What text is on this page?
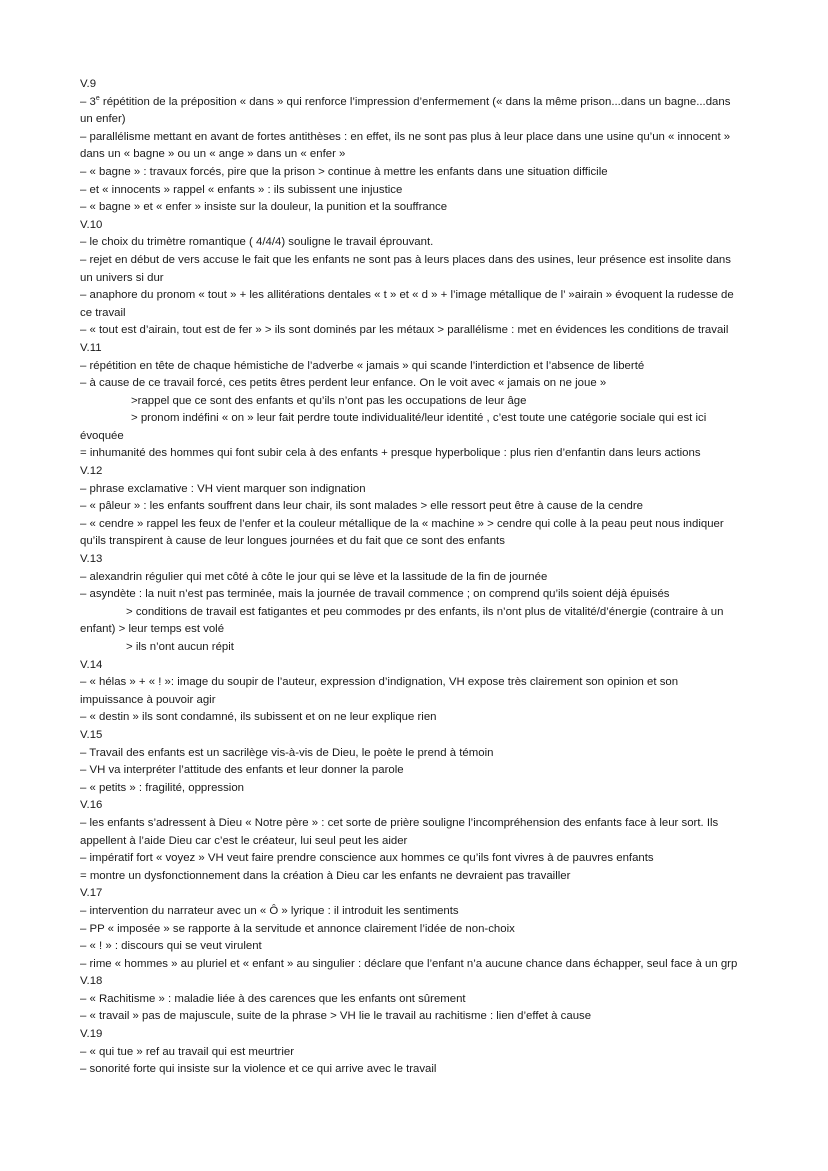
V.9
– 3e répétition de la préposition « dans » qui renforce l’impression d’enfermement (« dans la même prison...dans un bagne...dans un enfer)
– parallélisme mettant en avant de fortes antithèses : en effet, ils ne sont pas plus à leur place dans une usine qu’un « innocent » dans un « bagne » ou un « ange » dans un « enfer »
– « bagne » : travaux forcés, pire que la prison > continue à mettre les enfants dans une situation difficile
– et « innocents » rappel « enfants » : ils subissent une injustice
– « bagne » et « enfer » insiste sur la douleur, la punition et la souffrance
V.10
– le choix du trimètre romantique ( 4/4/4) souligne le travail éprouvant.
– rejet en début de vers accuse le fait que les enfants ne sont pas à leurs places dans des usines, leur présence est insolite dans un univers si dur
– anaphore du pronom « tout » + les allitérations dentales « t » et « d » + l’image métallique de l’ »airain » évoquent la rudesse de ce travail
– « tout est d’airain, tout est de fer » > ils sont dominés par les métaux > parallélisme : met en évidences les conditions de travail
V.11
– répétition en tête de chaque hémistiche de l’adverbe « jamais » qui scande l’interdiction et l’absence de liberté
– à cause de ce travail forcé, ces petits êtres perdent leur enfance. On le voit avec « jamais on ne joue »
>rappel que ce sont des enfants et qu’ils n’ont pas les occupations de leur âge
> pronom indéfini « on » leur fait perdre toute individualité/leur identité , c’est toute une catégorie sociale qui est ici
évoquée
= inhumanité des hommes qui font subir cela à des enfants + presque hyperbolique : plus rien d’enfantin dans leurs actions
V.12
– phrase exclamative : VH vient marquer son indignation
– « pâleur » : les enfants souffrent dans leur chair, ils sont malades > elle ressort peut être à cause de la cendre
– « cendre » rappel les feux de l’enfer et la couleur métallique de la « machine » > cendre qui colle à la peau peut nous indiquer qu’ils transpirent à cause de leur longues journées et du fait que ce sont des enfants
V.13
– alexandrin régulier qui met côté à côte le jour qui se lève et la lassitude de la fin de journée
– asyndète : la nuit n’est pas terminée, mais la journée de travail commence ; on comprend qu’ils soient déjà épuisés
> conditions de travail est fatigantes et peu commodes pr des enfants, ils n’ont plus de vitalité/d’énergie (contraire à un
enfant) > leur temps est volé
> ils n’ont aucun répit
V.14
– « hélas » + « ! »: image du soupir de l’auteur, expression d’indignation, VH expose très clairement son opinion et son impuissance à pouvoir agir
– « destin » ils sont condamné, ils subissent et on ne leur explique rien
V.15
– Travail des enfants est un sacrilège vis-à-vis de Dieu, le poète le prend à témoin
– VH va interpréter l’attitude des enfants et leur donner la parole
– « petits » : fragilité, oppression
V.16
– les enfants s’adressent à Dieu « Notre père » : cet sorte de prière souligne l’incompréhension des enfants face à leur sort. Ils appellent à l’aide Dieu car c’est le créateur, lui seul peut les aider
– impératif fort « voyez » VH veut faire prendre conscience aux hommes ce qu’ils font vivres à de pauvres enfants
= montre un dysfonctionnement dans la création à Dieu car les enfants ne devraient pas travailler
V.17
– intervention du narrateur avec un « Ô » lyrique : il introduit les sentiments
– PP « imposée » se rapporte à la servitude et annonce clairement l’idée de non-choix
– « ! » : discours qui se veut virulent
– rime « hommes » au pluriel et « enfant » au singulier : déclare que l’enfant n’a aucune chance dans échapper, seul face à un grp
V.18
– « Rachitisme » : maladie liée à des carences que les enfants ont sûrement
– « travail » pas de majuscule, suite de la phrase > VH lie le travail au rachitisme : lien d’effet à cause
V.19
– « qui tue » ref au travail qui est meurtrier
– sonorité forte qui insiste sur la violence et ce qui arrive avec le travail
